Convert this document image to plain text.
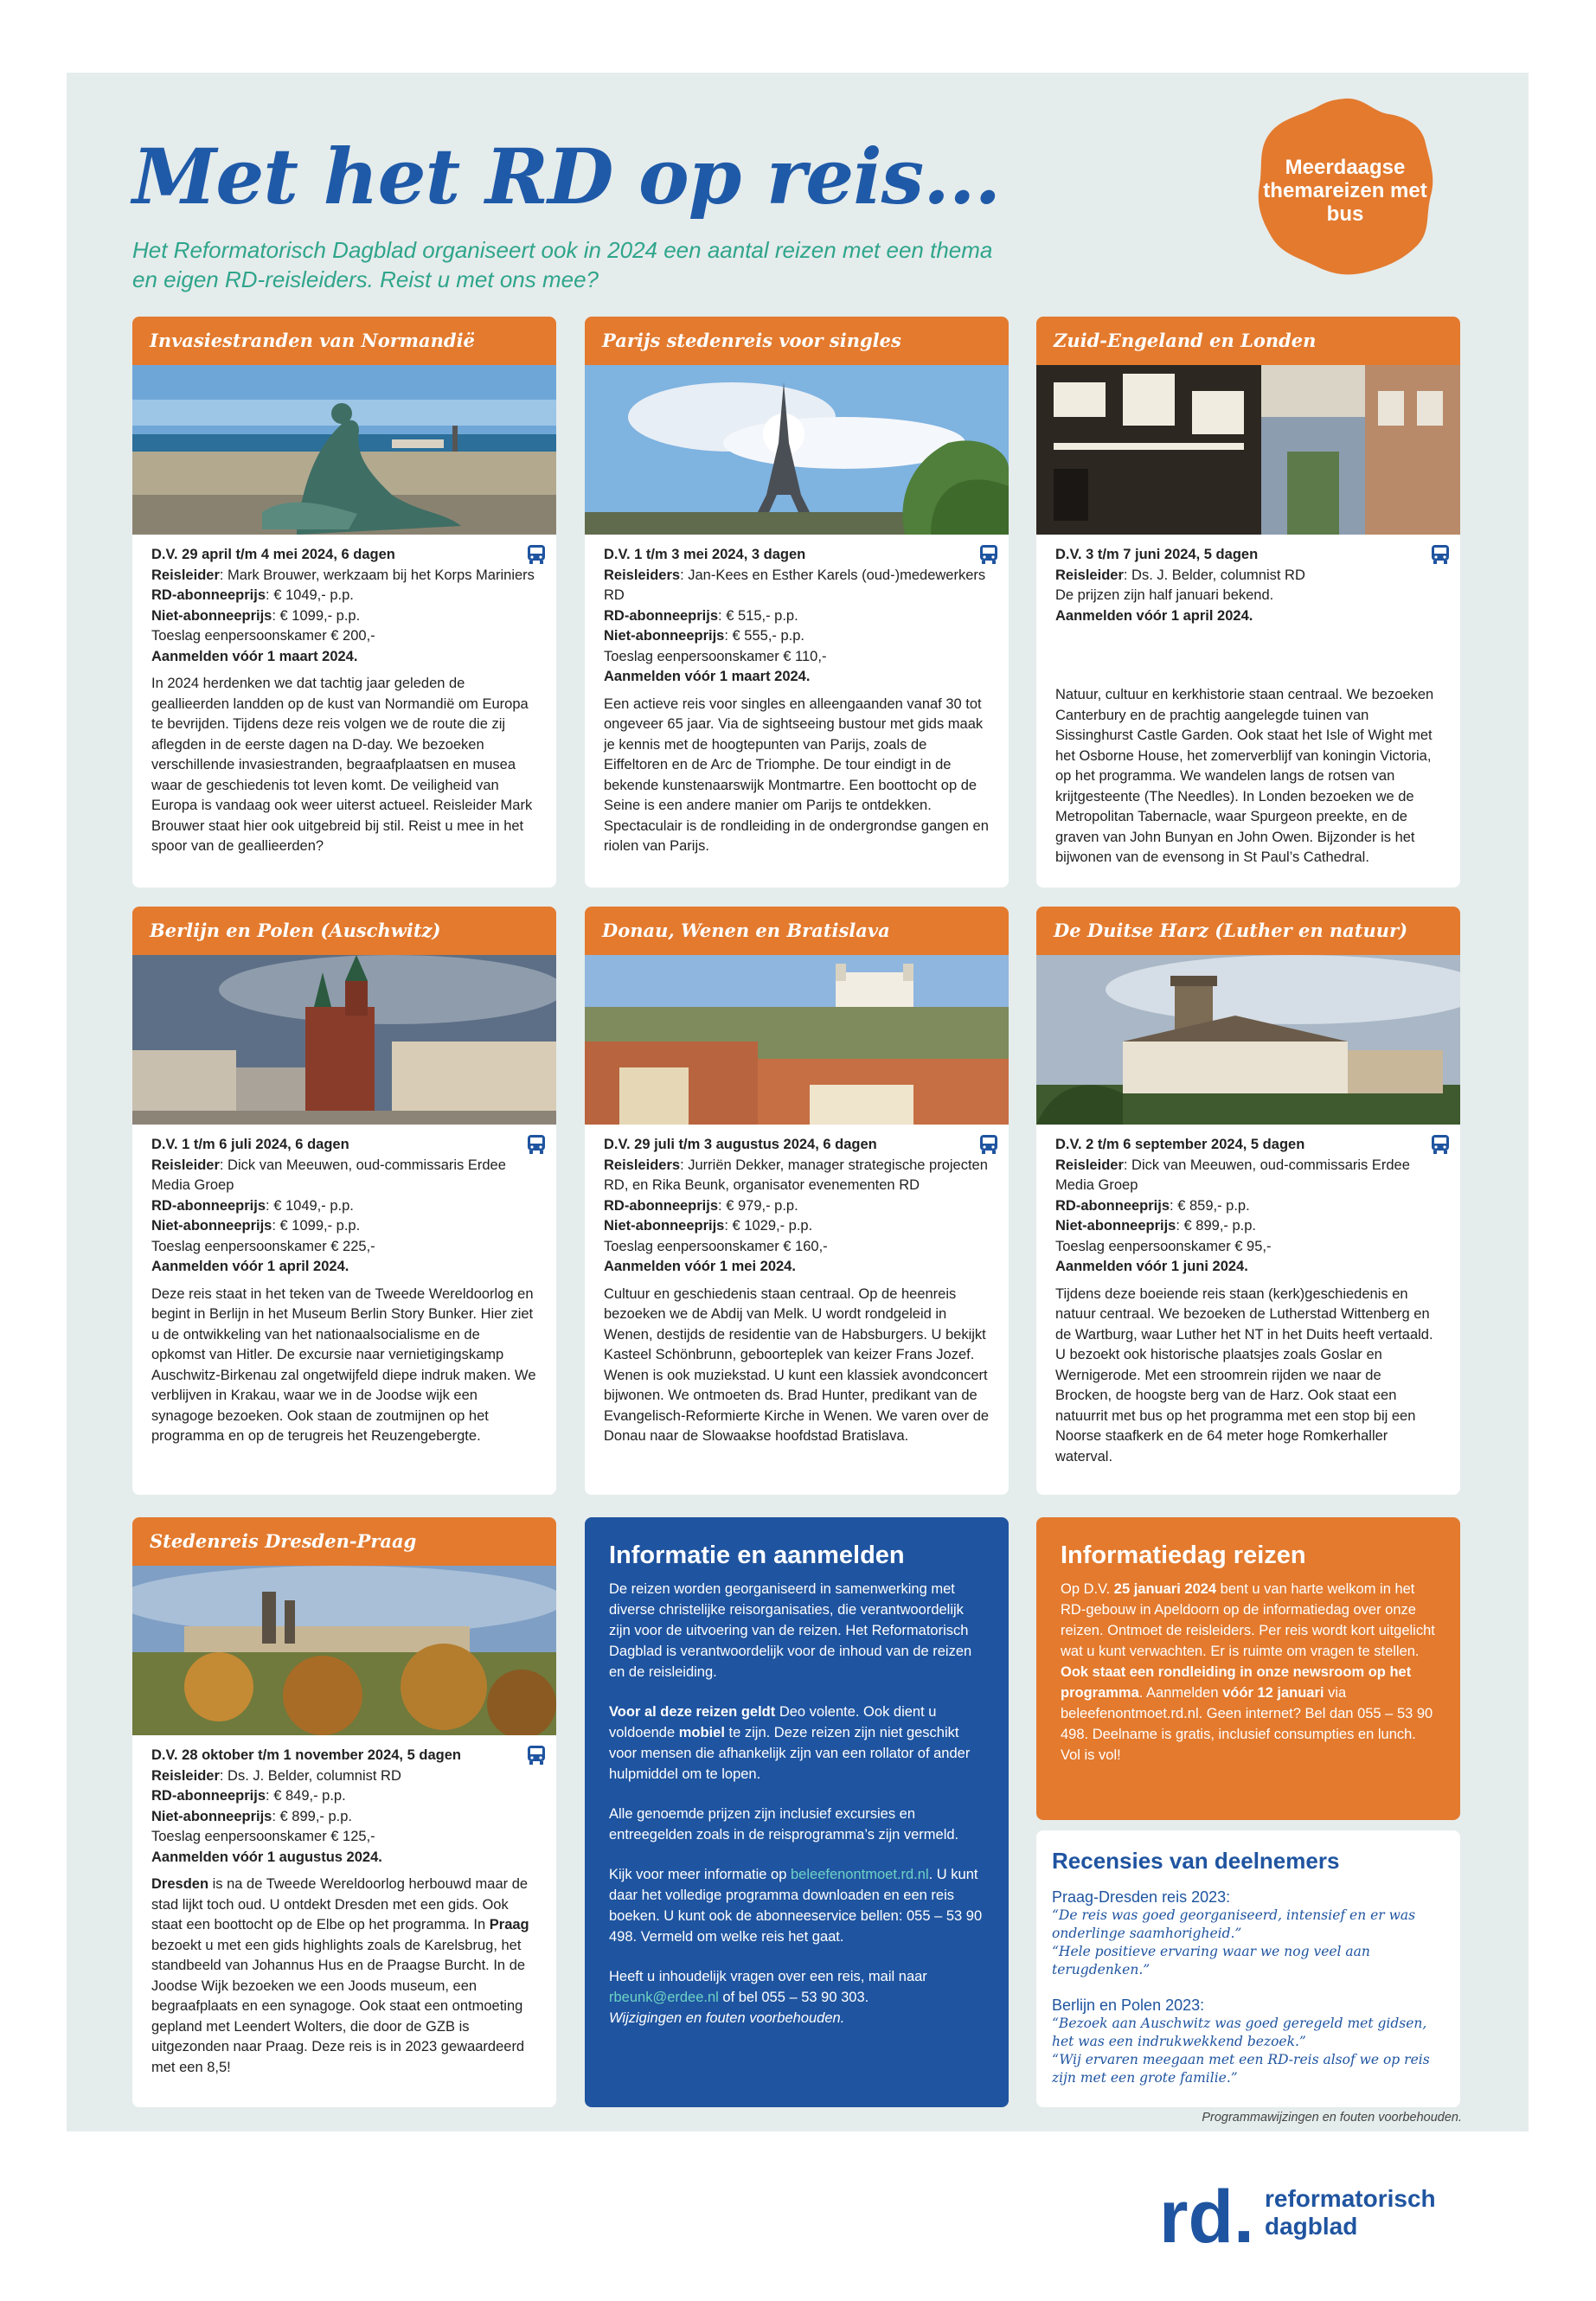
Met het RD op reis...

Het Reformatorisch Dagblad organiseert ook in 2024 een aantal reizen met een thema en eigen RD-reisleiders. Reist u met ons mee?

Meerdaagse themareizen met bus
Invasiestranden van Normandië

D.V. 29 april t/m 4 mei 2024, 6 dagen

Reisleider: Mark Brouwer, werkzaam bij het Korps Mariniers

RD-abonneeprijs: € 1049,- p.p.

Niet-abonneeprijs: € 1099,- p.p.

Toeslag eenpersoonskamer € 200,-

Aanmelden vóór 1 maart 2024.

In 2024 herdenken we dat tachtig jaar geleden de geallieerden landden op de kust van Normandië om Europa te bevrijden. Tijdens deze reis volgen we de route die zij aflegden in de eerste dagen na D-day. We bezoeken verschillende invasiestranden, begraafplaatsen en musea waar de geschiedenis tot leven komt. De veiligheid van Europa is vandaag ook weer uiterst actueel. Reisleider Mark Brouwer staat hier ook uitgebreid bij stil. Reist u mee in het spoor van de geallieerden?

Parijs stedenreis voor singles

D.V. 1 t/m 3 mei 2024, 3 dagen

Reisleiders: Jan-Kees en Esther Karels (oud-)medewerkers RD

RD-abonneeprijs: € 515,- p.p.

Niet-abonneeprijs: € 555,- p.p.

Toeslag eenpersoonskamer € 110,-

Aanmelden vóór 1 maart 2024.

Een actieve reis voor singles en alleengaanden vanaf 30 tot ongeveer 65 jaar. Via de sightseeing bustour met gids maak je kennis met de hoogtepunten van Parijs, zoals de Eiffeltoren en de Arc de Triomphe. De tour eindigt in de bekende kunstenaarswijk Montmartre. Een boottocht op de Seine is een andere manier om Parijs te ontdekken. Spectaculair is de rondleiding in de ondergrondse gangen en riolen van Parijs.

Zuid-Engeland en Londen

D.V. 3 t/m 7 juni 2024, 5 dagen

Reisleider: Ds. J. Belder, columnist RD

De prijzen zijn half januari bekend.

Aanmelden vóór 1 april 2024.

Natuur, cultuur en kerkhistorie staan centraal. We bezoeken Canterbury en de prachtig aangelegde tuinen van Sissinghurst Castle Garden. Ook staat het Isle of Wight met het Osborne House, het zomerverblijf van koningin Victoria, op het programma. We wandelen langs de rotsen van krijtgesteente (The Needles). In Londen bezoeken we de Metropolitan Tabernacle, waar Spurgeon preekte, en de graven van John Bunyan en John Owen. Bijzonder is het bijwonen van de evensong in St Paul’s Cathedral.

Berlijn en Polen (Auschwitz)

D.V. 1 t/m 6 juli 2024, 6 dagen

Reisleider: Dick van Meeuwen, oud-commissaris Erdee Media Groep

RD-abonneeprijs: € 1049,- p.p.

Niet-abonneeprijs: € 1099,- p.p.

Toeslag eenpersoonskamer € 225,-

Aanmelden vóór 1 april 2024.

Deze reis staat in het teken van de Tweede Wereldoorlog en begint in Berlijn in het Museum Berlin Story Bunker. Hier ziet u de ontwikkeling van het nationaalsocialisme en de opkomst van Hitler. De excursie naar vernietigingskamp Auschwitz-Birkenau zal ongetwijfeld diepe indruk maken. We verblijven in Krakau, waar we in de Joodse wijk een synagoge bezoeken. Ook staan de zoutmijnen op het programma en op de terugreis het Reuzengebergte.

Donau, Wenen en Bratislava

D.V. 29 juli t/m 3 augustus 2024, 6 dagen

Reisleiders: Jurriën Dekker, manager strategische projecten RD, en Rika Beunk, organisator evenementen RD

RD-abonneeprijs: € 979,- p.p.

Niet-abonneeprijs: € 1029,- p.p.

Toeslag eenpersoonskamer € 160,-

Aanmelden vóór 1 mei 2024.

Cultuur en geschiedenis staan centraal. Op de heenreis bezoeken we de Abdij van Melk. U wordt rondgeleid in Wenen, destijds de residentie van de Habsburgers. U bekijkt Kasteel Schönbrunn, geboorteplek van keizer Frans Jozef. Wenen is ook muziekstad. U kunt een klassiek avondconcert bijwonen. We ontmoeten ds. Brad Hunter, predikant van de Evangelisch-Reformierte Kirche in Wenen. We varen over de Donau naar de Slowaakse hoofdstad Bratislava.

De Duitse Harz (Luther en natuur)

D.V. 2 t/m 6 september 2024, 5 dagen

Reisleider: Dick van Meeuwen, oud-commissaris Erdee Media Groep

RD-abonneeprijs: € 859,- p.p.

Niet-abonneeprijs: € 899,- p.p.

Toeslag eenpersoonskamer € 95,-

Aanmelden vóór 1 juni 2024.

Tijdens deze boeiende reis staan (kerk)geschiedenis en natuur centraal. We bezoeken de Lutherstad Wittenberg en de Wartburg, waar Luther het NT in het Duits heeft vertaald. U bezoekt ook historische plaatsjes zoals Goslar en Wernigerode. Met een stroomrein rijden we naar de Brocken, de hoogste berg van de Harz. Ook staat een natuurrit met bus op het programma met een stop bij een Noorse staafkerk en de 64 meter hoge Romkerhaller waterval.

Stedenreis Dresden-Praag

D.V. 28 oktober t/m 1 november 2024, 5 dagen

Reisleider: Ds. J. Belder, columnist RD

RD-abonneeprijs: € 849,- p.p.

Niet-abonneeprijs: € 899,- p.p.

Toeslag eenpersoonskamer € 125,-

Aanmelden vóór 1 augustus 2024.

Dresden is na de Tweede Wereldoorlog herbouwd maar de stad lijkt toch oud. U ontdekt Dresden met een gids. Ook staat een boottocht op de Elbe op het programma. In Praag bezoekt u met een gids highlights zoals de Karelsbrug, het standbeeld van Johannus Hus en de Praagse Burcht. In de Joodse Wijk bezoeken we een Joods museum, een begraafplaats en een synagoge. Ook staat een ontmoeting gepland met Leendert Wolters, die door de GZB is uitgezonden naar Praag. Deze reis is in 2023 gewaardeerd met een 8,5!

Informatie en aanmelden

De reizen worden georganiseerd in samenwerking met diverse christelijke reisorganisaties, die verantwoordelijk zijn voor de uitvoering van de reizen. Het Reformatorisch Dagblad is verantwoordelijk voor de inhoud van de reizen en de reisleiding.

Voor al deze reizen geldt Deo volente. Ook dient u voldoende mobiel te zijn. Deze reizen zijn niet geschikt voor mensen die afhankelijk zijn van een rollator of ander hulpmiddel om te lopen.

Alle genoemde prijzen zijn inclusief excursies en entreegelden zoals in de reisprogramma’s zijn vermeld.

Kijk voor meer informatie op beleefenontmoet.rd.nl. U kunt daar het volledige programma downloaden en een reis boeken. U kunt ook de abonneeservice bellen: 055 – 53 90 498. Vermeld om welke reis het gaat.

Heeft u inhoudelijk vragen over een reis, mail naar rbeunk@erdee.nl of bel 055 – 53 90 303.
Wijzigingen en fouten voorbehouden.

Informatiedag reizen

Op D.V. 25 januari 2024 bent u van harte welkom in het RD-gebouw in Apeldoorn op de informatiedag over onze reizen. Ontmoet de reisleiders. Per reis wordt kort uitgelicht wat u kunt verwachten. Er is ruimte om vragen te stellen. Ook staat een rondleiding in onze newsroom op het programma. Aanmelden vóór 12 januari via beleefenontmoet.rd.nl. Geen internet? Bel dan 055 – 53 90 498. Deelname is gratis, inclusief consumpties en lunch. Vol is vol!

Recensies van deelnemers
Praag-Dresden reis 2023:
“De reis was goed georganiseerd, intensief en er was onderlinge saamhorigheid.”
“Hele positieve ervaring waar we nog veel aan terugdenken.”
Berlijn en Polen 2023:
“Bezoek aan Auschwitz was goed geregeld met gidsen, het was een indrukwekkend bezoek.”
“Wij ervaren meegaan met een RD-reis alsof we op reis zijn met een grote familie.”
Programmawijzingen en fouten voorbehouden.
rd. reformatorisch
dagblad
